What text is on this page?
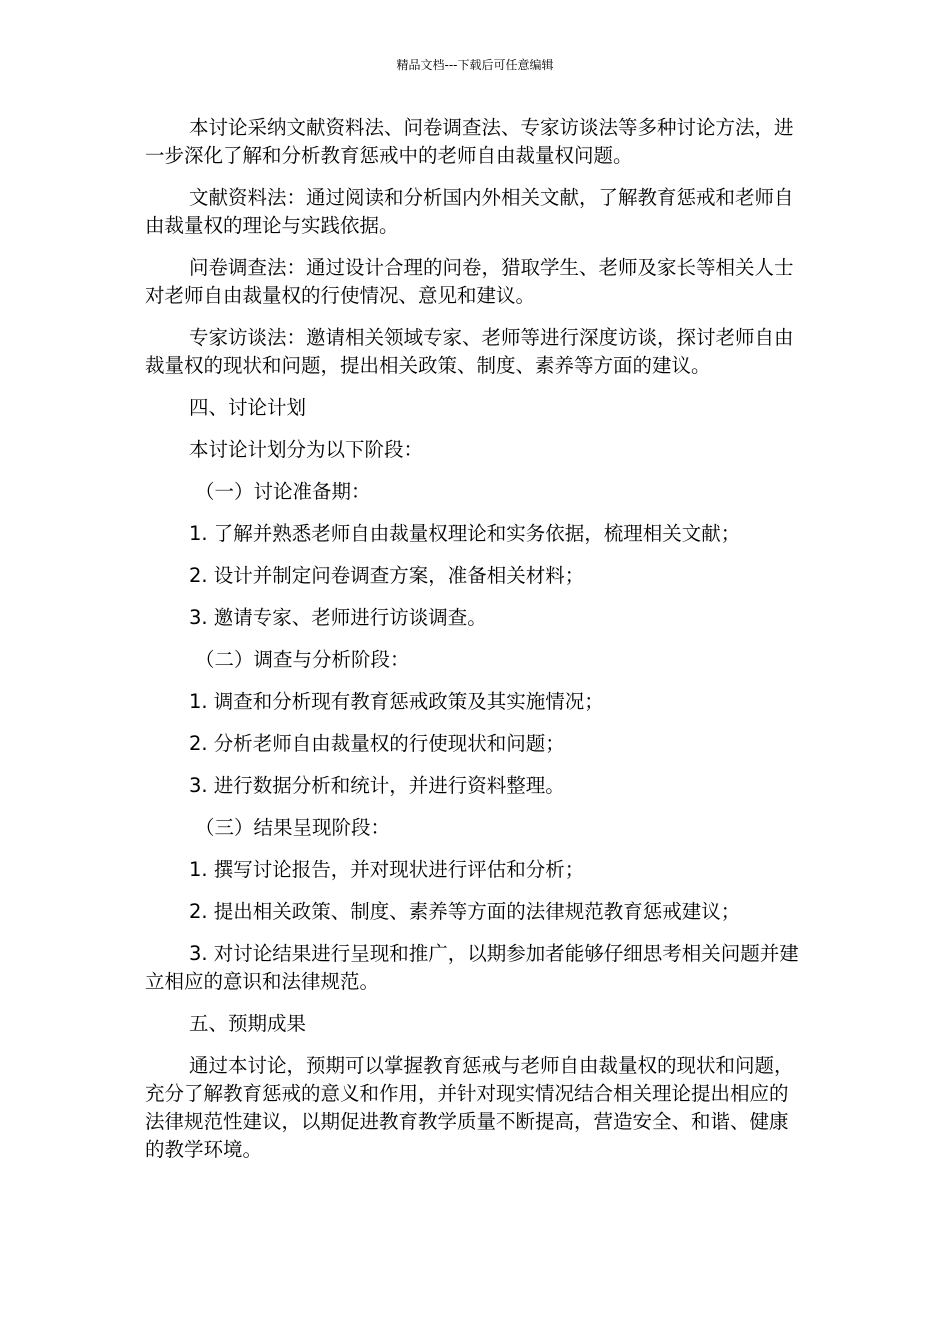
精品文档---下载后可任意编辑

本讨论采纳文献资料法、问卷调查法、专家访谈法等多种讨论方法，进一步深化了解和分析教育惩戒中的老师自由裁量权问题。

文献资料法：通过阅读和分析国内外相关文献，了解教育惩戒和老师自由裁量权的理论与实践依据。

问卷调查法：通过设计合理的问卷，猎取学生、老师及家长等相关人士对老师自由裁量权的行使情况、意见和建议。

专家访谈法：邀请相关领域专家、老师等进行深度访谈，探讨老师自由裁量权的现状和问题，提出相关政策、制度、素养等方面的建议。

四、讨论计划

本讨论计划分为以下阶段：

（一）讨论准备期：

1. 了解并熟悉老师自由裁量权理论和实务依据，梳理相关文献；

2. 设计并制定问卷调查方案，准备相关材料；

3. 邀请专家、老师进行访谈调查。

（二）调查与分析阶段：

1. 调查和分析现有教育惩戒政策及其实施情况；

2. 分析老师自由裁量权的行使现状和问题；

3. 进行数据分析和统计，并进行资料整理。

（三）结果呈现阶段：

1. 撰写讨论报告，并对现状进行评估和分析；

2. 提出相关政策、制度、素养等方面的法律规范教育惩戒建议；

3. 对讨论结果进行呈现和推广，以期参加者能够仔细思考相关问题并建立相应的意识和法律规范。

五、预期成果

通过本讨论，预期可以掌握教育惩戒与老师自由裁量权的现状和问题，充分了解教育惩戒的意义和作用，并针对现实情况结合相关理论提出相应的法律规范性建议，以期促进教育教学质量不断提高，营造安全、和谐、健康的教学环境。
